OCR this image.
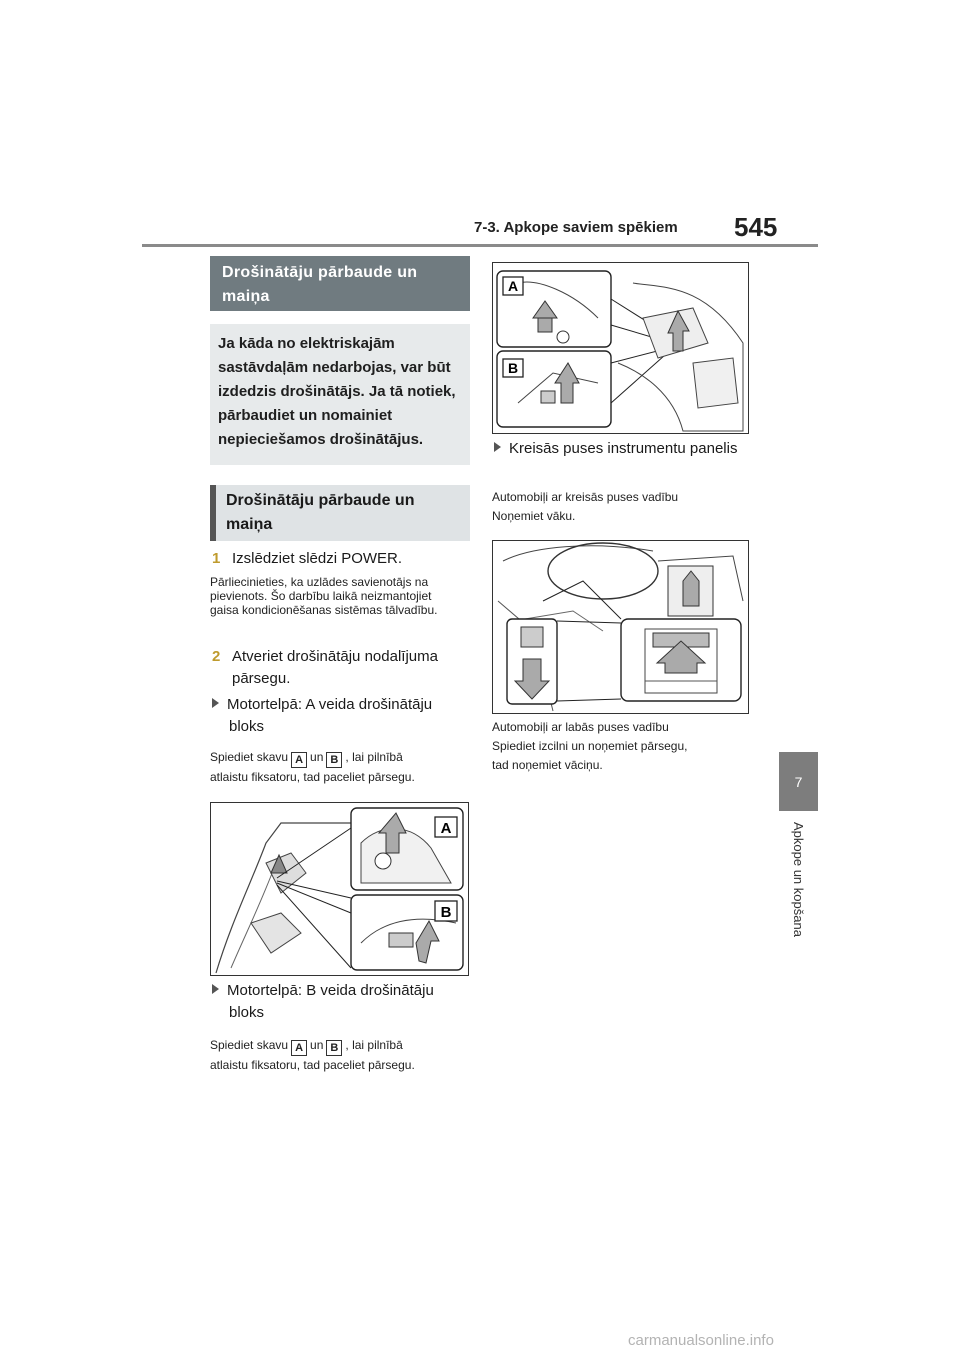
7-3. Apkope saviem spēkiem 545
7
Apkope un kopšana
Drošinātāju pārbaude un maiņa
Ja kāda no elektriskajām sastāvdaļām nedarbojas, var būt izdedzis drošinātājs. Ja tā notiek, pārbaudiet un nomainiet nepieciešamos drošinātājus.
Drošinātāju pārbaude un maiņa
1 Izslēdziet slēdzi POWER.
Pārliecinieties, ka uzlādes savienotājs na pievienots. Šo darbību laikā neizmantojiet gaisa kondicionēšanas sistēmas tālvadību.
2 Atveriet drošinātāju nodalījuma pārsegu.
Motortelpā: A veida drošinātāju bloks
Spiediet skavu A un B , lai pilnībā
atlaistu fiksatoru, tad paceliet pārsegu.
A
B
Motortelpā: B veida drošinātāju bloks
Spiediet skavu A un B , lai pilnībā
atlaistu fiksatoru, tad paceliet pārsegu.
A
B
Kreisās puses instrumentu panelis
Automobiļi ar kreisās puses vadību
Noņemiet vāku.
Automobiļi ar labās puses vadību
Spiediet izcilni un noņemiet pārsegu,
tad noņemiet vāciņu.
carmanualsonline.info
